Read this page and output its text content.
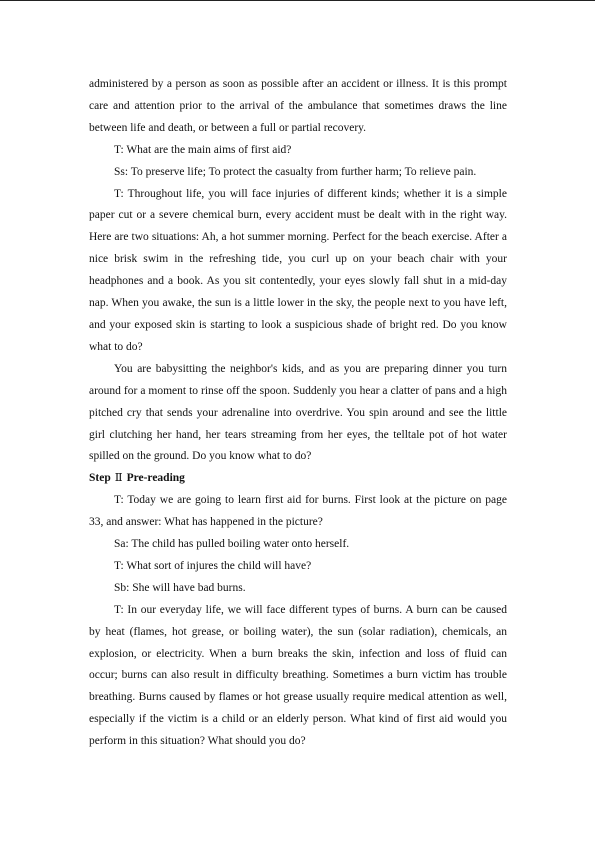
administered by a person as soon as possible after an accident or illness. It is this prompt care and attention prior to the arrival of the ambulance that sometimes draws the line between life and death, or between a full or partial recovery.

T: What are the main aims of first aid?

Ss: To preserve life; To protect the casualty from further harm; To relieve pain.

T: Throughout life, you will face injuries of different kinds; whether it is a simple paper cut or a severe chemical burn, every accident must be dealt with in the right way. Here are two situations: Ah, a hot summer morning. Perfect for the beach exercise. After a nice brisk swim in the refreshing tide, you curl up on your beach chair with your headphones and a book. As you sit contentedly, your eyes slowly fall shut in a mid-day nap. When you awake, the sun is a little lower in the sky, the people next to you have left, and your exposed skin is starting to look a suspicious shade of bright red. Do you know what to do?

You are babysitting the neighbor's kids, and as you are preparing dinner you turn around for a moment to rinse off the spoon. Suddenly you hear a clatter of pans and a high pitched cry that sends your adrenaline into overdrive. You spin around and see the little girl clutching her hand, her tears streaming from her eyes, the telltale pot of hot water spilled on the ground. Do you know what to do?

Step Ⅱ Pre-reading

T: Today we are going to learn first aid for burns. First look at the picture on page 33, and answer: What has happened in the picture?

Sa: The child has pulled boiling water onto herself.

T: What sort of injures the child will have?

Sb: She will have bad burns.

T: In our everyday life, we will face different types of burns. A burn can be caused by heat (flames, hot grease, or boiling water), the sun (solar radiation), chemicals, an explosion, or electricity. When a burn breaks the skin, infection and loss of fluid can occur; burns can also result in difficulty breathing. Sometimes a burn victim has trouble breathing. Burns caused by flames or hot grease usually require medical attention as well, especially if the victim is a child or an elderly person. What kind of first aid would you perform in this situation? What should you do?
